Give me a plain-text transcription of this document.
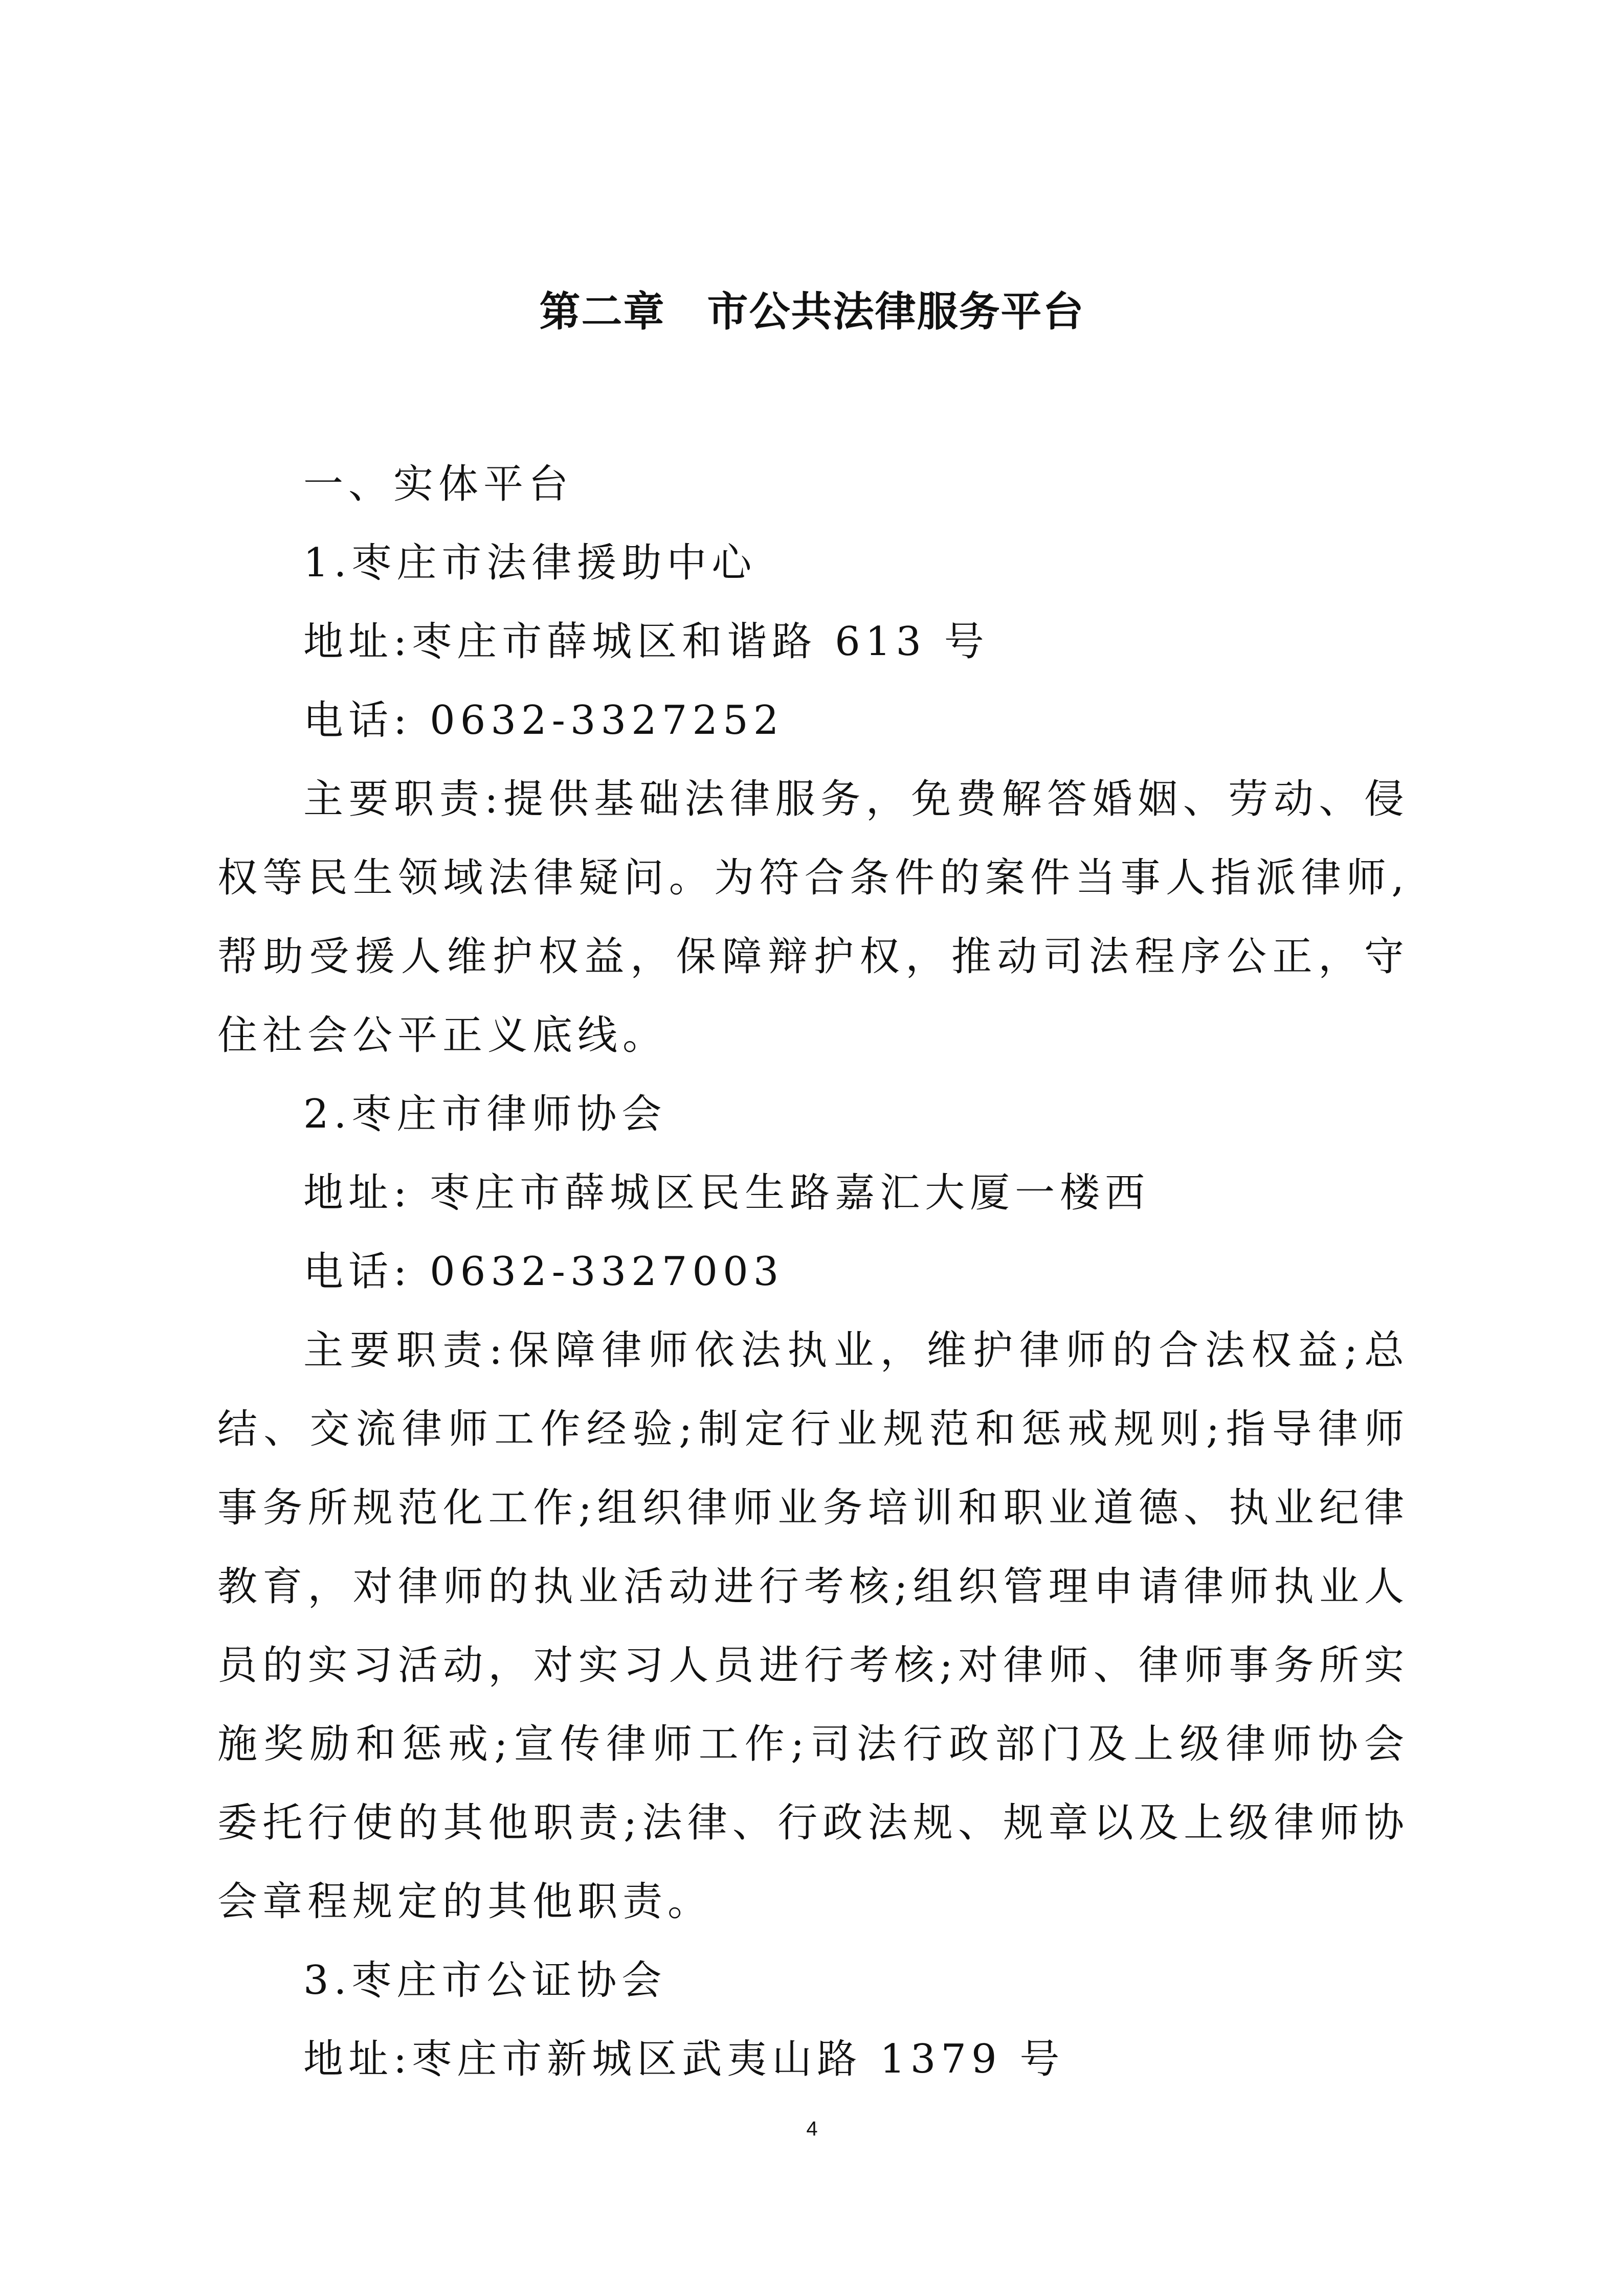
第二章　市公共法律服务平台

一、实体平台

1.枣庄市法律援助中心

地址:枣庄市薛城区和谐路 613 号

电话: 0632-3327252

主要职责:提供基础法律服务，免费解答婚姻、劳动、侵权等民生领域法律疑问。为符合条件的案件当事人指派律师,帮助受援人维护权益，保障辩护权，推动司法程序公正，守住社会公平正义底线。

2.枣庄市律师协会

地址: 枣庄市薛城区民生路嘉汇大厦一楼西

电话: 0632-3327003

主要职责:保障律师依法执业，维护律师的合法权益;总结、交流律师工作经验;制定行业规范和惩戒规则;指导律师事务所规范化工作;组织律师业务培训和职业道德、执业纪律教育，对律师的执业活动进行考核;组织管理申请律师执业人员的实习活动，对实习人员进行考核;对律师、律师事务所实施奖励和惩戒;宣传律师工作;司法行政部门及上级律师协会委托行使的其他职责;法律、行政法规、规章以及上级律师协会章程规定的其他职责。

3.枣庄市公证协会

地址:枣庄市新城区武夷山路 1379 号

4
